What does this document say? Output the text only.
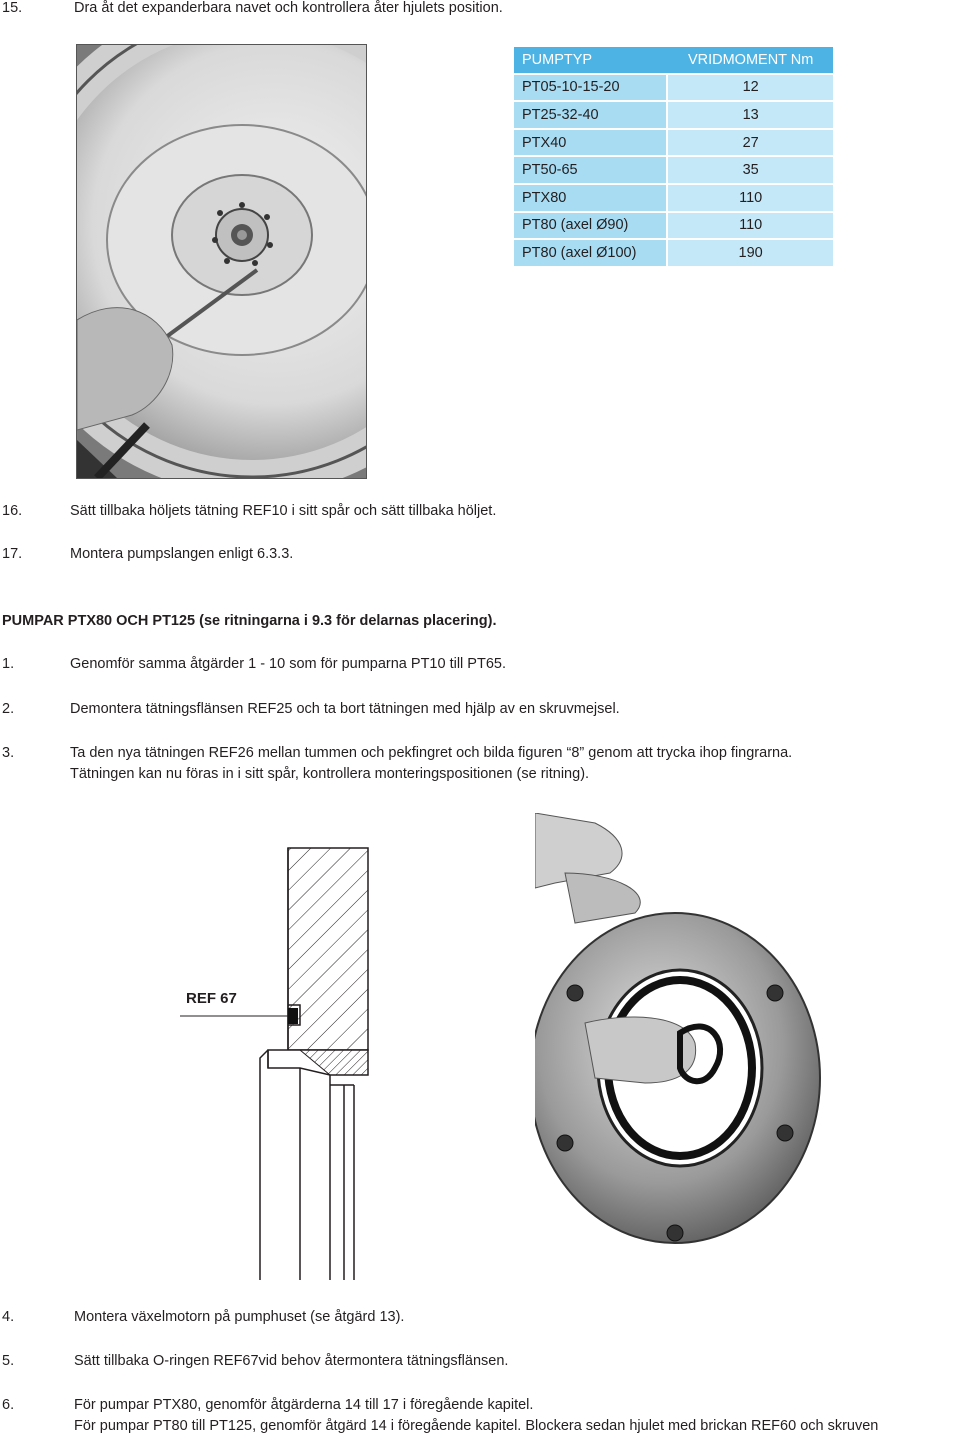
15.	Dra åt det expanderbara navet och kontrollera åter hjulets position.
PUMPTYP	VRIDMOMENT Nm
PT05-10-15-20	12
PT25-32-40	13
PTX40	27
PT50-65	35
PTX80	110
PT80 (axel Ø90)	110
PT80 (axel Ø100)	190
16.	Sätt tillbaka höljets tätning REF10 i sitt spår och sätt tillbaka höljet.
17.	Montera pumpslangen enligt 6.3.3.
PUMPAR PTX80 OCH PT125 (se ritningarna i 9.3 för delarnas placering).
1.	Genomför samma åtgärder 1 - 10 som för pumparna PT10 till PT65.
2.	Demontera tätningsflänsen REF25 och ta bort tätningen med hjälp av en skruvmejsel.
3.	Ta den nya tätningen REF26 mellan tummen och pekfingret och bilda figuren “8” genom att trycka ihop fingrarna.
Tätningen kan nu föras in i sitt spår, kontrollera monteringspositionen (se ritning).
REF 67
4.	Montera växelmotorn på pumphuset (se åtgärd 13).
5.	Sätt tillbaka O-ringen REF67vid behov återmontera tätningsflänsen.
6.	För pumpar PTX80, genomför åtgärderna 14 till 17 i föregående kapitel.
För pumpar PT80 till PT125, genomför åtgärd 14 i föregående kapitel. Blockera sedan hjulet med brickan REF60 och skruven
